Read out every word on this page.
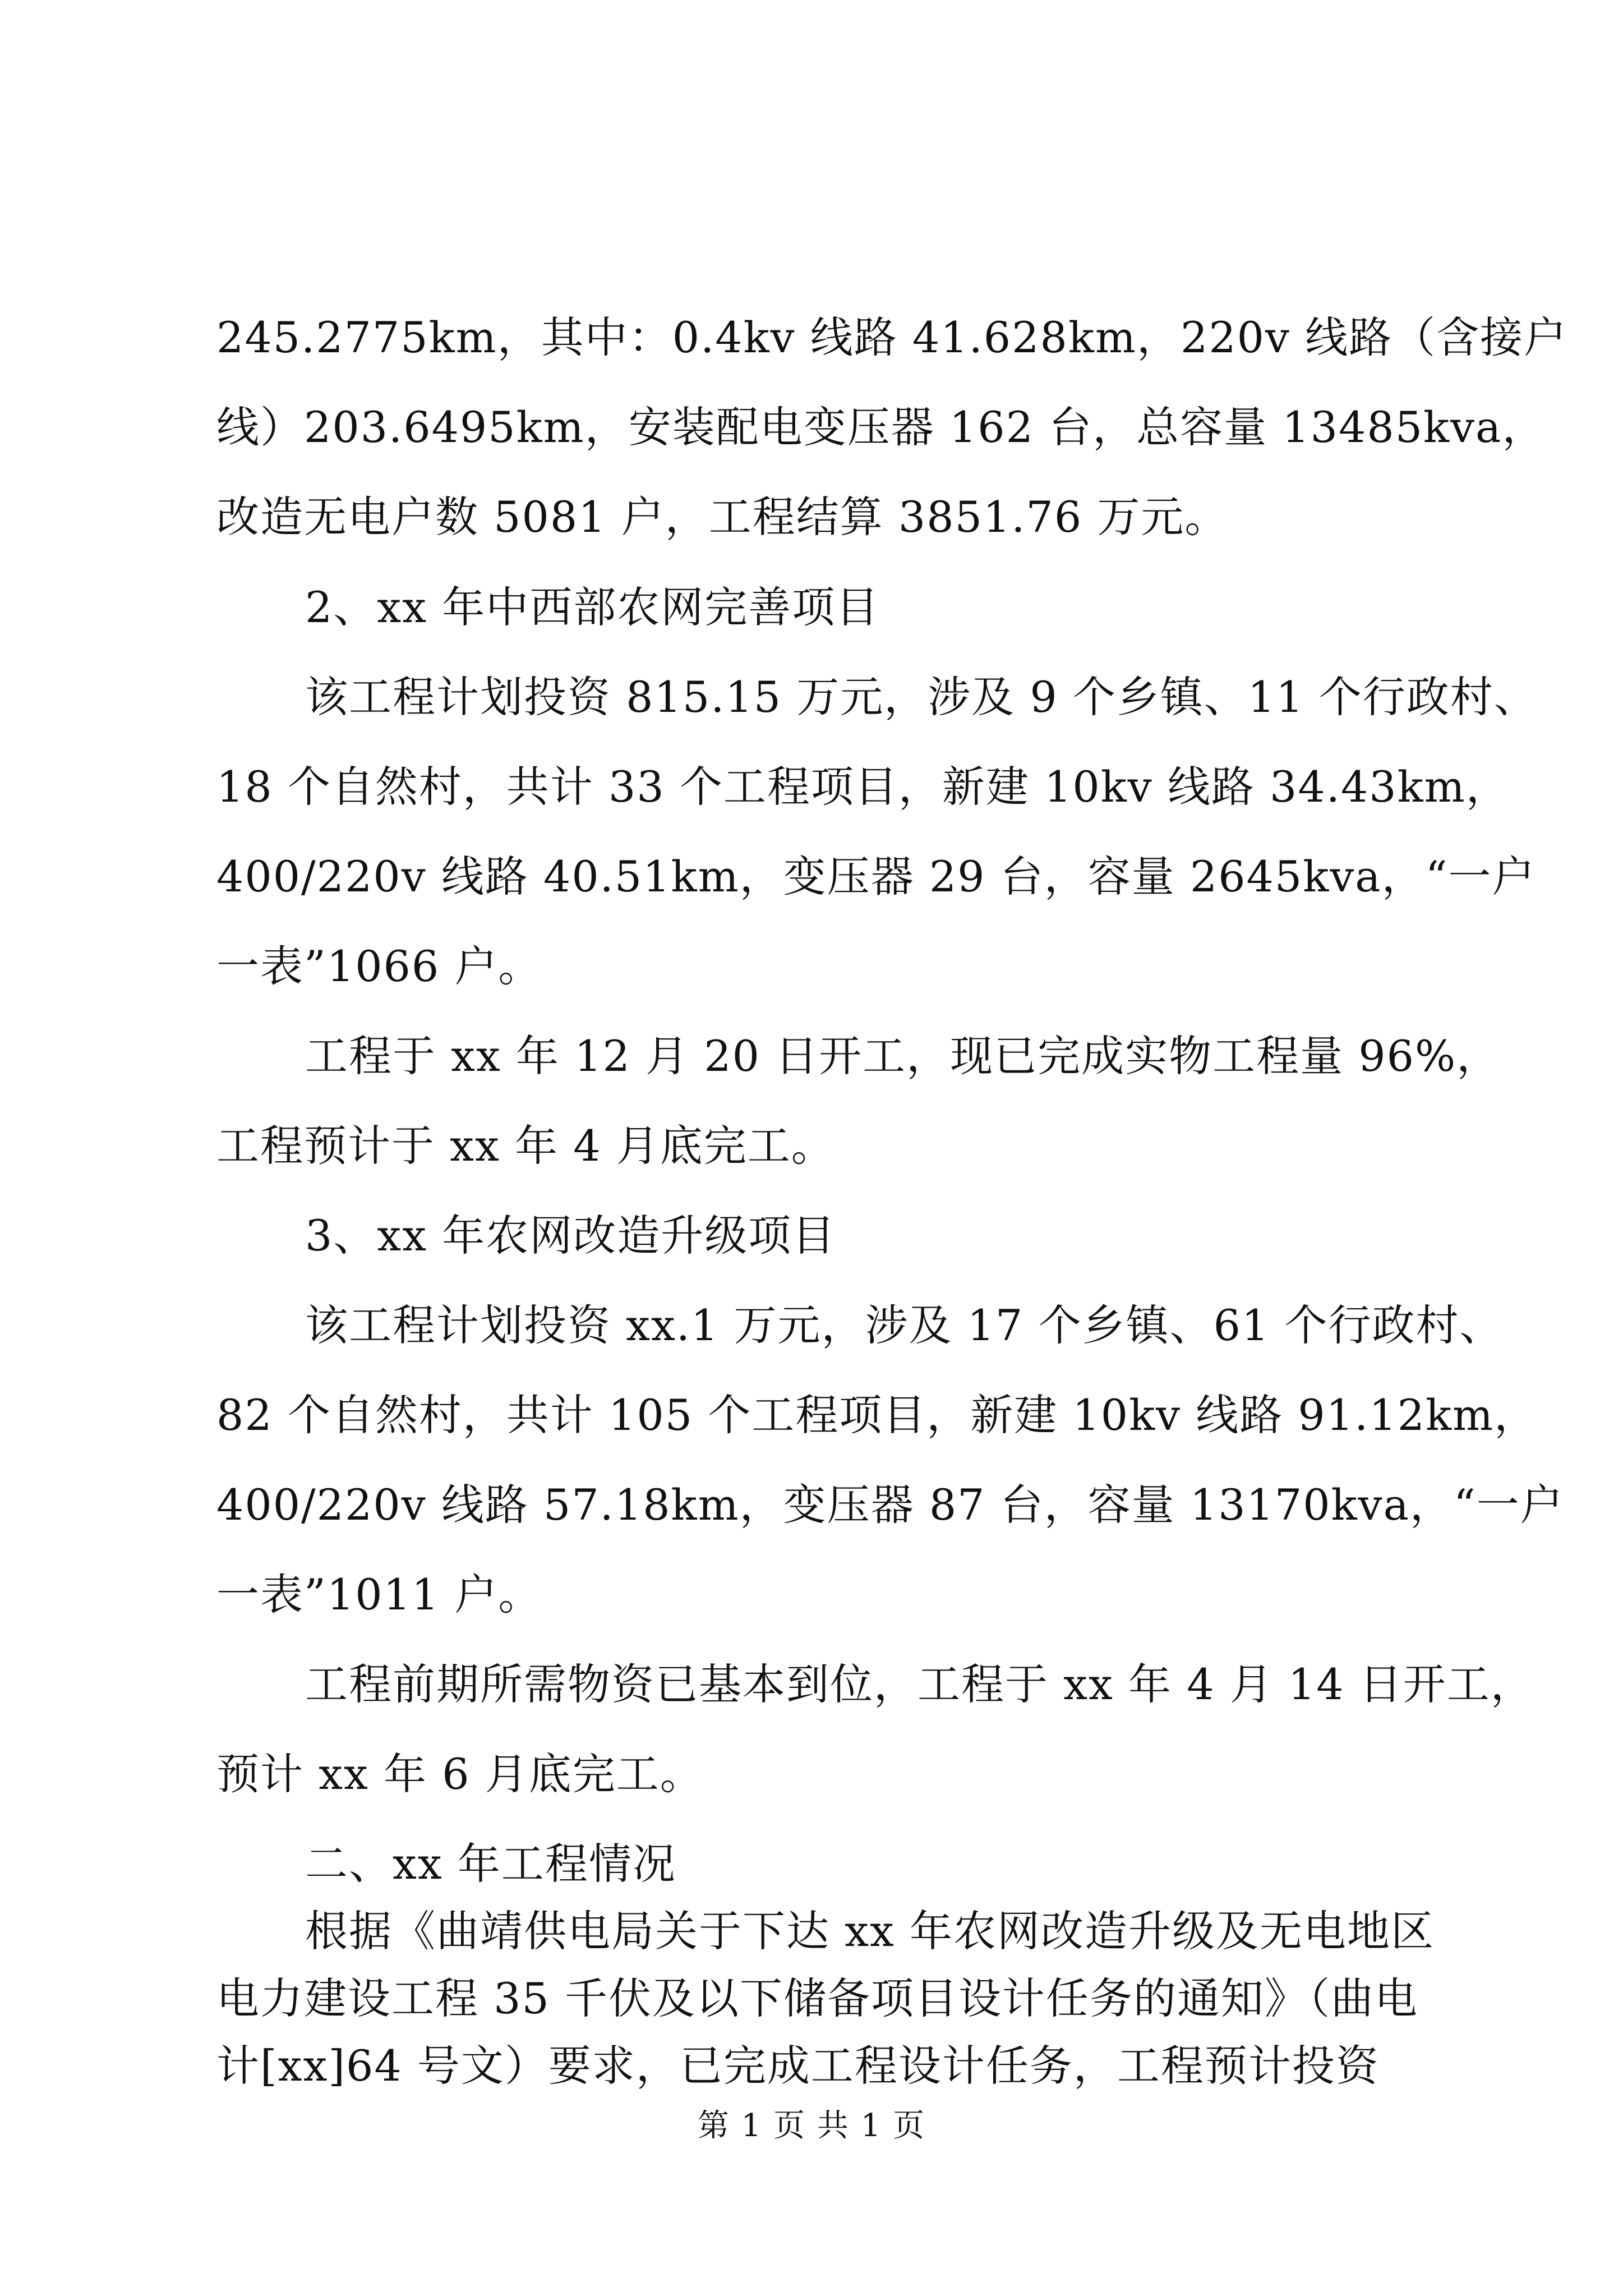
245.2775km，其中：0.4kv 线路 41.628km，220v 线路（含接户
线）203.6495km，安装配电变压器 162 台，总容量 13485kva，
改造无电户数 5081 户，工程结算 3851.76 万元。
2、xx 年中西部农网完善项目
该工程计划投资 815.15 万元，涉及 9 个乡镇、11 个行政村、
18 个自然村，共计 33 个工程项目，新建 10kv 线路 34.43km，
400/220v 线路 40.51km，变压器 29 台，容量 2645kva，“一户
一表”1066 户。
工程于 xx 年 12 月 20 日开工，现已完成实物工程量 96%，
工程预计于 xx 年 4 月底完工。
3、xx 年农网改造升级项目
该工程计划投资 xx.1 万元，涉及 17 个乡镇、61 个行政村、
82 个自然村，共计 105 个工程项目，新建 10kv 线路 91.12km，
400/220v 线路 57.18km，变压器 87 台，容量 13170kva，“一户
一表”1011 户。
工程前期所需物资已基本到位，工程于 xx 年 4 月 14 日开工，
预计 xx 年 6 月底完工。
二、xx 年工程情况
根据《曲靖供电局关于下达 xx 年农网改造升级及无电地区
电力建设工程 35 千伏及以下储备项目设计任务的通知》（曲电
计[xx]64 号文）要求，已完成工程设计任务，工程预计投资
第 1 页 共 1 页
